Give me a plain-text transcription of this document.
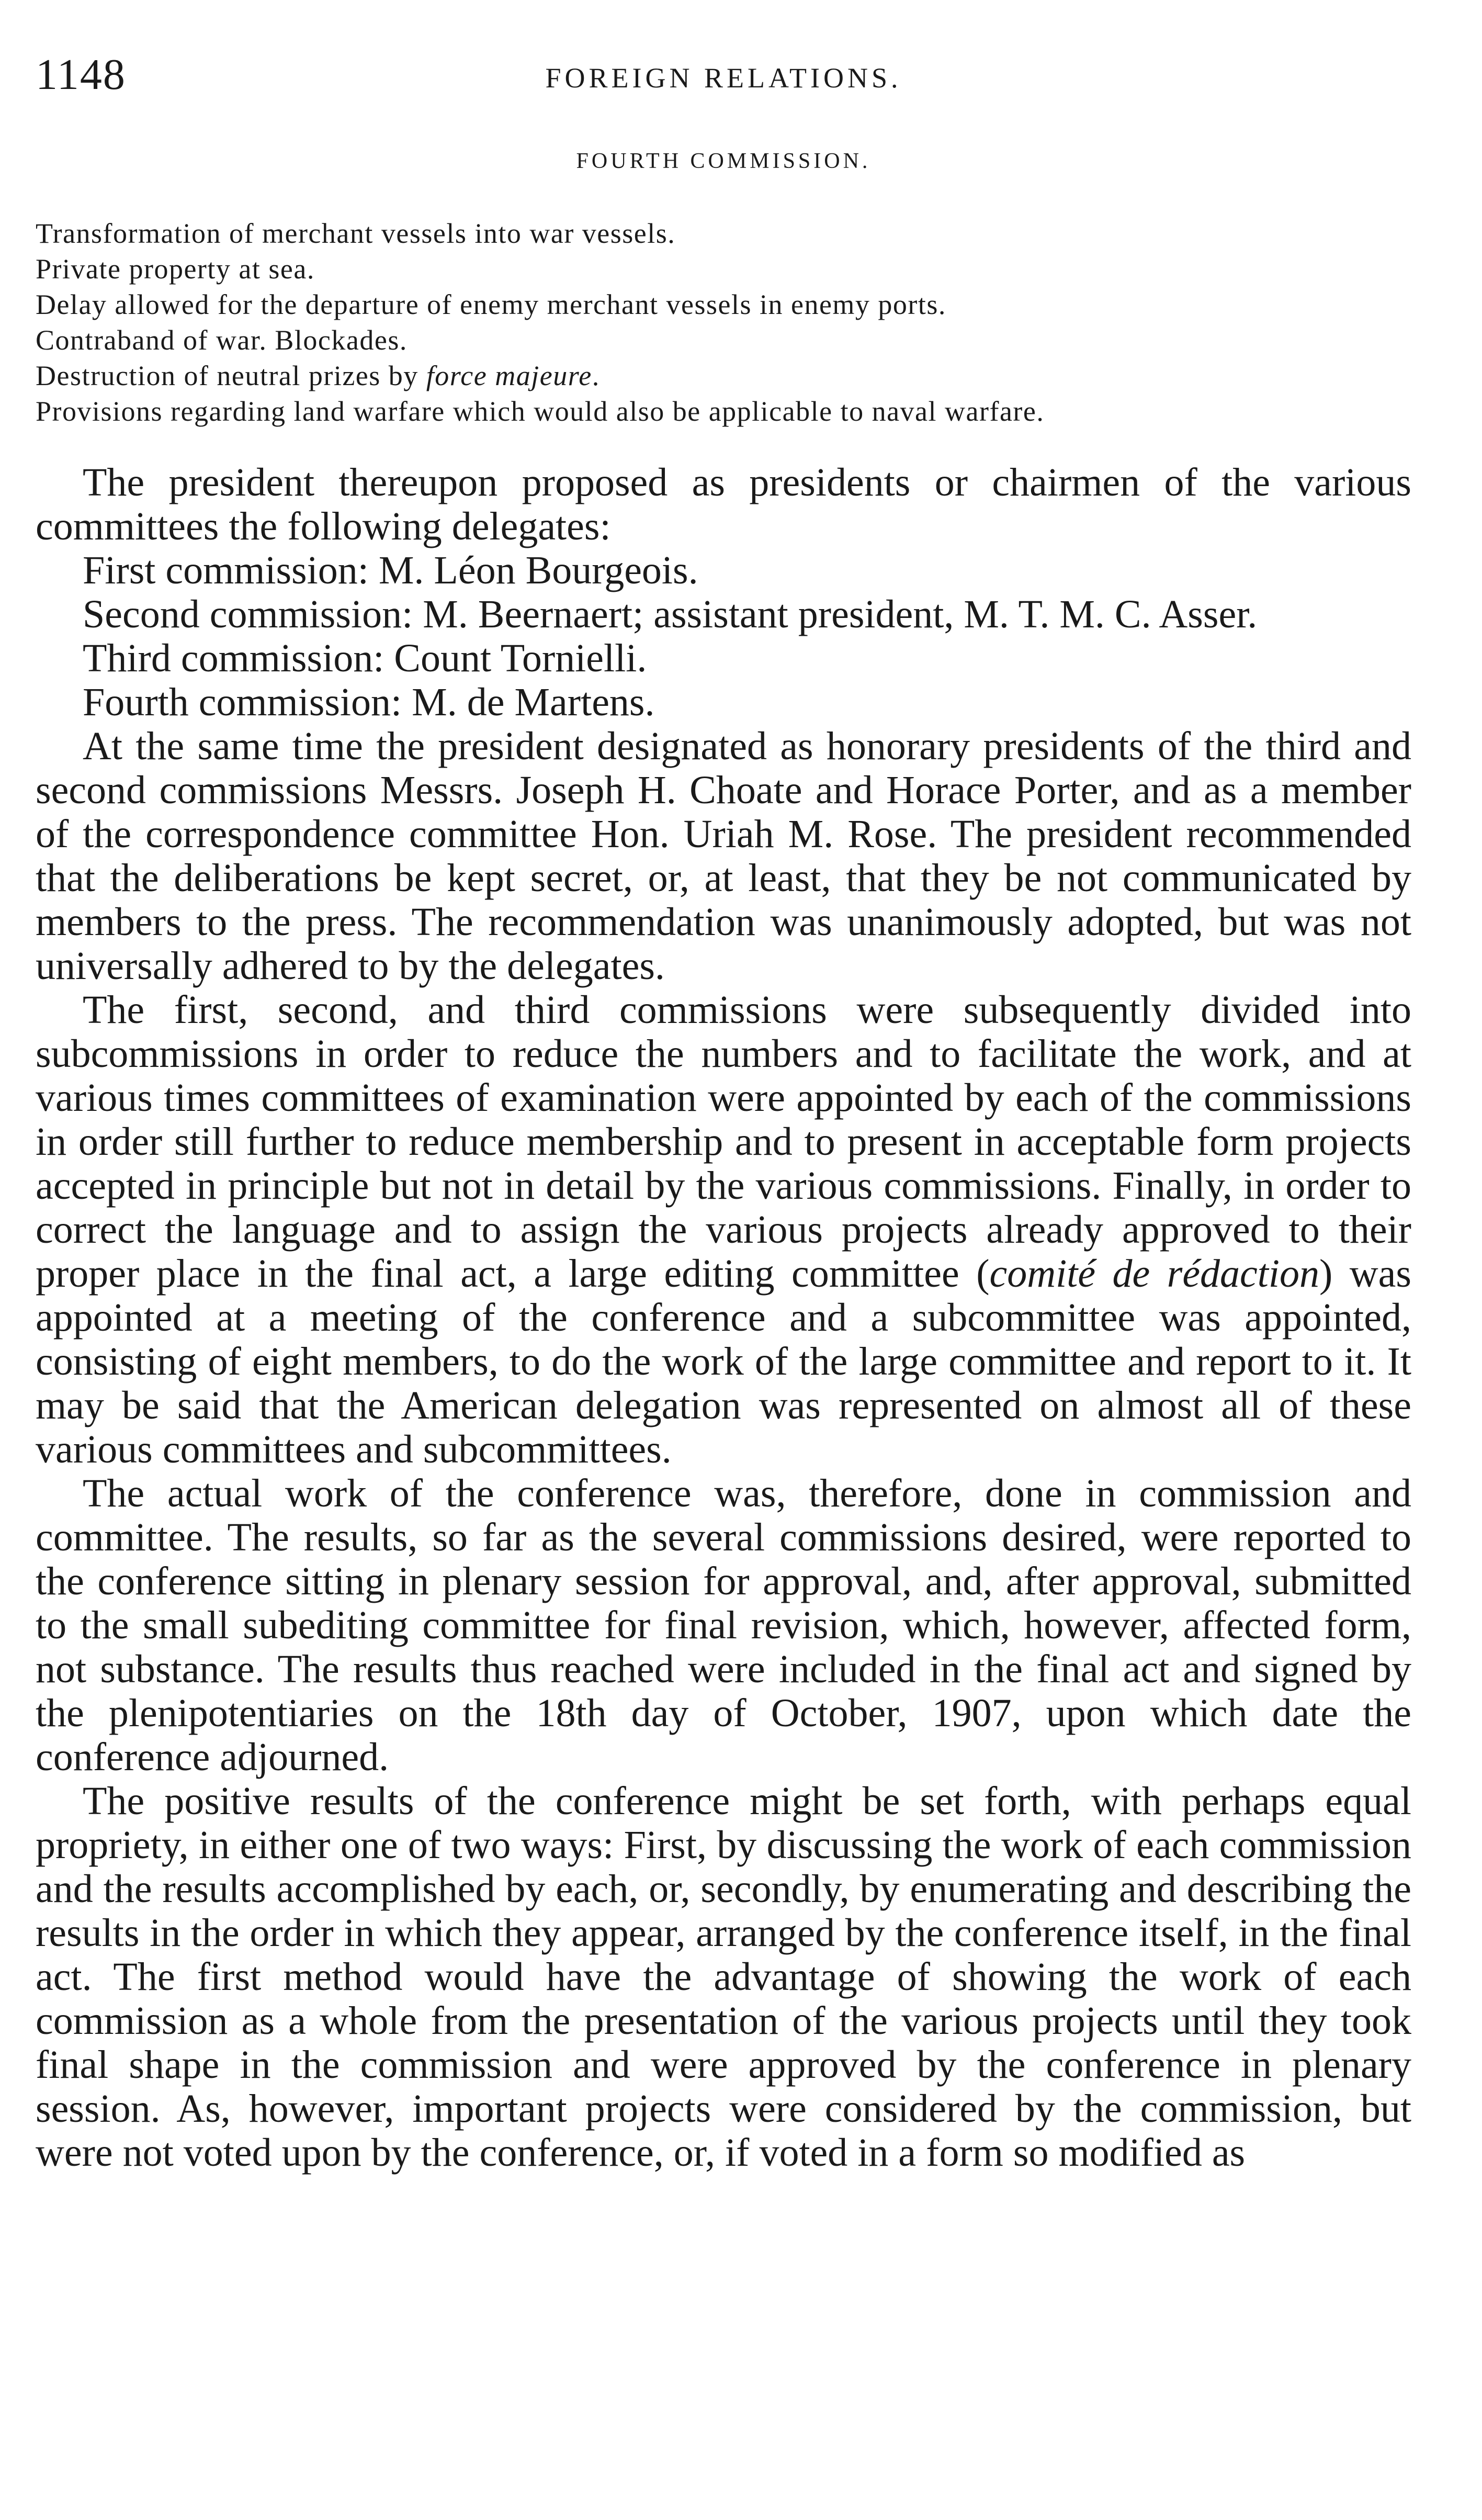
1148	FOREIGN RELATIONS.
FOURTH COMMISSION.

Transformation of merchant vessels into war vessels.

Private property at sea.

Delay allowed for the departure of enemy merchant vessels in enemy ports.

Contraband of war. Blockades.

Destruction of neutral prizes by force majeure.

Provisions regarding land warfare which would also be applicable to naval warfare.

The president thereupon proposed as presidents or chairmen of the various committees the following delegates:

First commission: M. Léon Bourgeois.

Second commission: M. Beernaert; assistant president, M. T. M. C. Asser.

Third commission: Count Tornielli.

Fourth commission: M. de Martens.

At the same time the president designated as honorary presidents of the third and second commissions Messrs. Joseph H. Choate and Horace Porter, and as a member of the correspondence committee Hon. Uriah M. Rose. The president recommended that the deliberations be kept secret, or, at least, that they be not communicated by members to the press. The recommendation was unanimously adopted, but was not universally adhered to by the delegates.

The first, second, and third commissions were subsequently divided into subcommissions in order to reduce the numbers and to facilitate the work, and at various times committees of examination were appointed by each of the commissions in order still further to reduce membership and to present in acceptable form projects accepted in principle but not in detail by the various commissions. Finally, in order to correct the language and to assign the various projects already approved to their proper place in the final act, a large editing committee (comité de rédaction) was appointed at a meeting of the conference and a subcommittee was appointed, consisting of eight members, to do the work of the large committee and report to it. It may be said that the American delegation was represented on almost all of these various committees and subcommittees.

The actual work of the conference was, therefore, done in commission and committee. The results, so far as the several commissions desired, were reported to the conference sitting in plenary session for approval, and, after approval, submitted to the small subediting committee for final revision, which, however, affected form, not substance. The results thus reached were included in the final act and signed by the plenipotentiaries on the 18th day of October, 1907, upon which date the conference adjourned.

The positive results of the conference might be set forth, with perhaps equal propriety, in either one of two ways: First, by discussing the work of each commission and the results accomplished by each, or, secondly, by enumerating and describing the results in the order in which they appear, arranged by the conference itself, in the final act. The first method would have the advantage of showing the work of each commission as a whole from the presentation of the various projects until they took final shape in the commission and were approved by the conference in plenary session. As, however, important projects were considered by the commission, but were not voted upon by the conference, or, if voted in a form so modified as
